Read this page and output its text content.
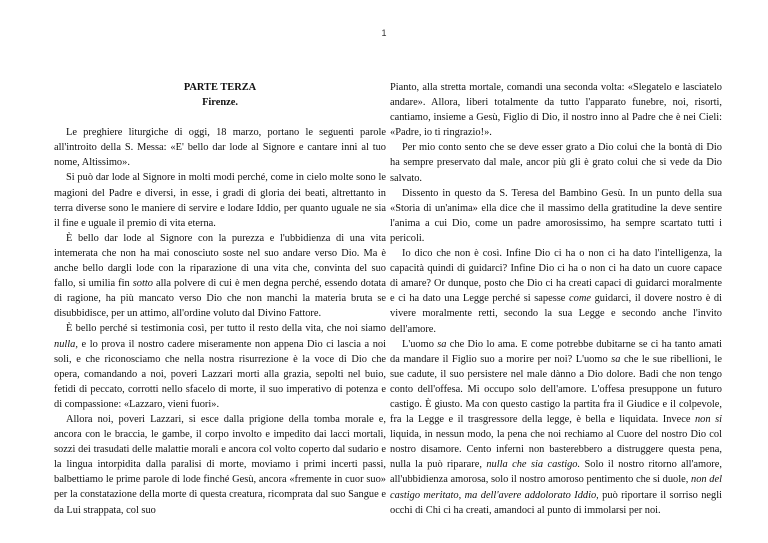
1
PARTE TERZA
Firenze.

Le preghiere liturgiche di oggi, 18 marzo, portano le seguenti parole all'introito della S. Messa: «E' bello dar lode al Signore e cantare inni al tuo nome, Altissimo».

Si può dar lode al Signore in molti modi perché, come in cielo molte sono le magioni del Padre e diversi, in esse, i gradi di gloria dei beati, altrettanto in terra diverse sono le maniere di servire e lodare Iddio, per quanto uguale ne sia il fine e uguale il premio di vita eterna.

È bello dar lode al Signore con la purezza e l'ubbidienza di una vita intemerata che non ha mai conosciuto soste nel suo andare verso Dio. Ma è anche bello dargli lode con la riparazione di una vita che, convinta del suo fallo, si umilia fin sotto alla polvere di cui è men degna perché, essendo dotata di ragione, ha più mancato verso Dio che non manchi la materia bruta se disubbidisce, per un attimo, all'ordine voluto dal Divino Fattore.

È bello perché si testimonia così, per tutto il resto della vita, che noi siamo nulla, e lo prova il nostro cadere miseramente non appena Dio ci lascia a noi soli, e che riconosciamo che nella nostra risurrezione è la voce di Dio che opera, comandando a noi, poveri Lazzari morti alla grazia, sepolti nel buio, fetidi di peccato, corrotti nello sfacelo di morte, il suo imperativo di potenza e di compassione: «Lazzaro, vieni fuori».

Allora noi, poveri Lazzari, si esce dalla prigione della tomba morale e, ancora con le braccia, le gambe, il corpo involto e impedito dai lacci mortali, sozzi dei trasudati delle malattie morali e ancora col volto coperto dal sudario e la lingua intorpidita dalla paralisi di morte, moviamo i primi incerti passi, balbettiamo le prime parole di lode finché Gesù, ancora «fremente in cuor suo» per la constatazione della morte di questa creatura, ricomprata dal suo Sangue e da Lui strappata, col suo

Pianto, alla stretta mortale, comandi una seconda volta: «Slegatelo e lasciatelo andare». Allora, liberi totalmente da tutto l'apparato funebre, noi, risorti, cantiamo, insieme a Gesù, Figlio di Dio, il nostro inno al Padre che è nei Cieli: «Padre, io ti ringrazio!».

Per mio conto sento che se deve esser grato a Dio colui che la bontà di Dio ha sempre preservato dal male, ancor più gli è grato colui che si vede da Dio salvato.

Dissento in questo da S. Teresa del Bambino Gesù. In un punto della sua «Storia di un'anima» ella dice che il massimo della gratitudine la deve sentire l'anima a cui Dio, come un padre amorosissimo, ha sempre scartato tutti i pericoli.

Io dico che non è così. Infine Dio ci ha o non ci ha dato l'intelligenza, la capacità quindi di guidarci? Infine Dio ci ha o non ci ha dato un cuore capace di amare? Or dunque, posto che Dio ci ha creati capaci di guidarci moralmente e ci ha dato una Legge perché si sapesse come guidarci, il dovere nostro è di vivere moralmente retti, secondo la sua Legge e secondo anche l'invito dell'amore.

L'uomo sa che Dio lo ama. E come potrebbe dubitarne se ci ha tanto amati da mandare il Figlio suo a morire per noi? L'uomo sa che le sue ribellioni, le sue cadute, il suo persistere nel male dànno a Dio dolore. Badi che non tengo conto dell'offesa. Mi occupo solo dell'amore. L'offesa presuppone un futuro castigo. È giusto. Ma con questo castigo la partita fra il Giudice e il colpevole, fra la Legge e il trasgressore della legge, è bella e liquidata. Invece non si liquida, in nessun modo, la pena che noi rechiamo al Cuore del nostro Dio col nostro disamore. Cento inferni non basterebbero a distruggere questa pena, nulla la può riparare, nulla che sia castigo. Solo il nostro ritorno all'amore, all'ubbidienza amorosa, solo il nostro amoroso pentimento che si duole, non del castigo meritato, ma dell'avere addolorato Iddio, può riportare il sorriso negli occhi di Chi ci ha creati, amandoci al punto di immolarsi per noi.
